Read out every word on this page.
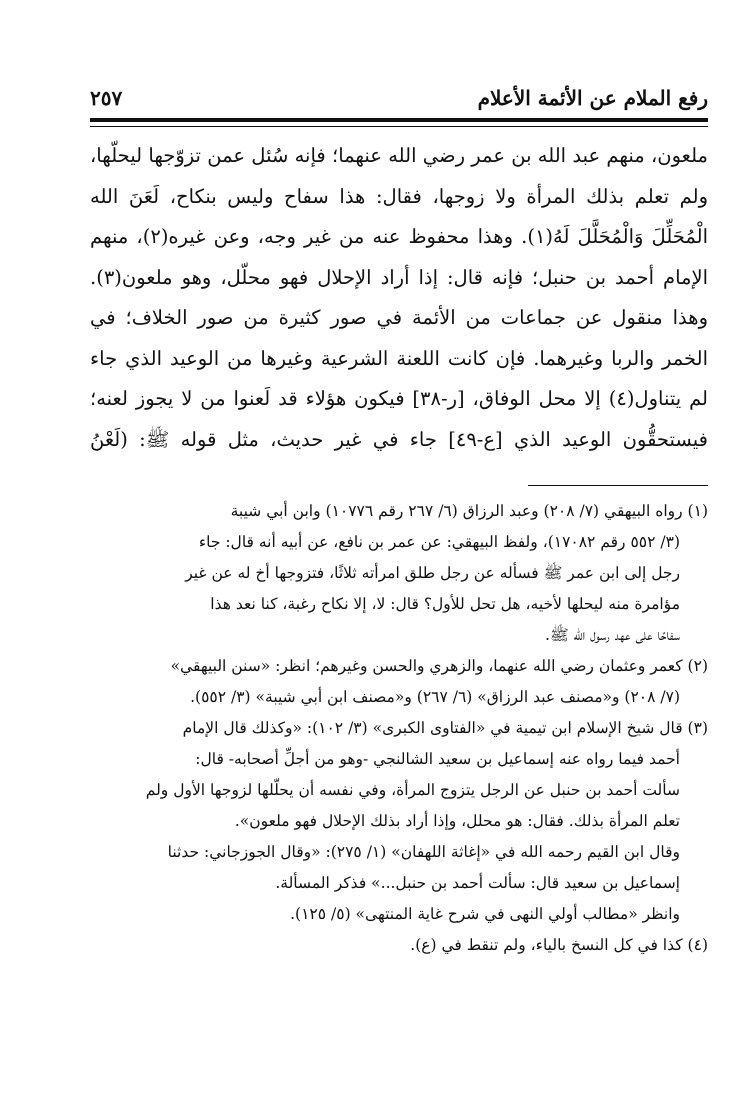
رفع الملام عن الأئمة الأعلام
٢٥٧
ملعون، منهم عبد الله بن عمر رضي الله عنهما؛ فإنه سُئل عمن تزوّجها ليحلّها،
ولم تعلم بذلك المرأة ولا زوجها، فقال: هذا سفاح وليس بنكاح، لَعَنَ الله
الْمُحَلِّلَ وَالْمُحَلَّلَ لَهُ(١). وهذا محفوظ عنه من غير وجه، وعن غيره(٢)، منهم
الإمام أحمد بن حنبل؛ فإنه قال: إذا أراد الإحلال فهو محلّل، وهو ملعون(٣).
وهذا منقول عن جماعات من الأئمة في صور كثيرة من صور الخلاف؛ في
الخمر والربا وغيرهما. فإن كانت اللعنة الشرعية وغيرها من الوعيد الذي جاء
لم يتناول(٤) إلا محل الوفاق، [ر-٣٨] فيكون هؤلاء قد لَعنوا من لا يجوز لعنه؛
فيستحقُّون الوعيد الذي [ع-٤٩] جاء في غير حديث، مثل قوله ﷺ: (لَعْنُ
(١) رواه البيهقي (٧/ ٢٠٨) وعبد الرزاق (٦/ ٢٦٧ رقم ١٠٧٧٦) وابن أبي شيبة
(٣/ ٥٥٢ رقم ١٧٠٨٢)، ولفظ البيهقي: عن عمر بن نافع، عن أبيه أنه قال: جاء
رجل إلى ابن عمر ﷺ فسأله عن رجل طلق امرأته ثلاثًا، فتزوجها أخ له عن غير
مؤامرة منه ليحلها لأخيه، هل تحل للأول؟ قال: لا، إلا نكاح رغبة، كنا نعد هذا
سفاحًا على عهد رسول الله ﷺ.
(٢) كعمر وعثمان رضي الله عنهما، والزهري والحسن وغيرهم؛ انظر: «سنن البيهقي»
(٧/ ٢٠٨) و«مصنف عبد الرزاق» (٦/ ٢٦٧) و«مصنف ابن أبي شيبة» (٣/ ٥٥٢).
(٣) قال شيخ الإسلام ابن تيمية في «الفتاوى الكبرى» (٣/ ١٠٢): «وكذلك قال الإمام
أحمد فيما رواه عنه إسماعيل بن سعيد الشالنجي -وهو من أجلِّ أصحابه- قال:
سألت أحمد بن حنبل عن الرجل يتزوج المرأة، وفي نفسه أن يحلّلها لزوجها الأول ولم
تعلم المرأة بذلك. فقال: هو محلل، وإذا أراد بذلك الإحلال فهو ملعون».
وقال ابن القيم رحمه الله في «إغاثة اللهفان» (١/ ٢٧٥): «وقال الجوزجاني: حدثنا
إسماعيل بن سعيد قال: سألت أحمد بن حنبل...» فذكر المسألة.
وانظر «مطالب أولي النهى في شرح غاية المنتهى» (٥/ ١٢٥).
(٤) كذا في كل النسخ بالياء، ولم تنقط في (ع).
